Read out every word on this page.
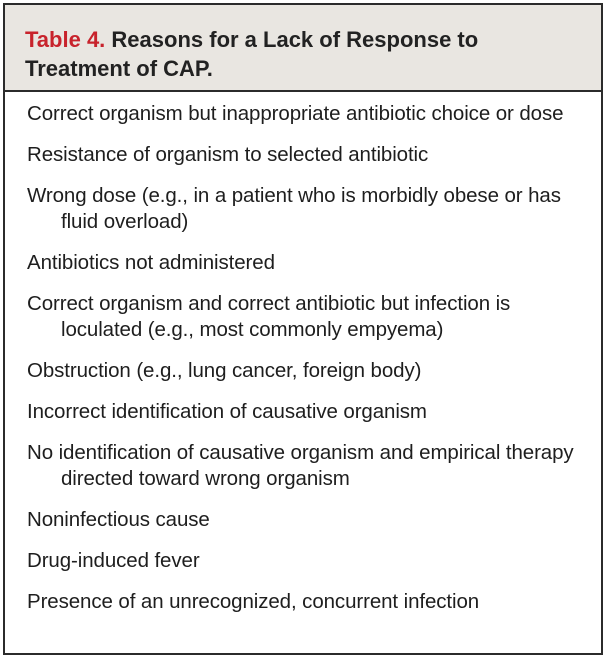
Table 4. Reasons for a Lack of Response to Treatment of CAP.
Correct organism but inappropriate antibiotic choice or dose
Resistance of organism to selected antibiotic
Wrong dose (e.g., in a patient who is morbidly obese or has fluid overload)
Antibiotics not administered
Correct organism and correct antibiotic but infection is loculated (e.g., most commonly empyema)
Obstruction (e.g., lung cancer, foreign body)
Incorrect identification of causative organism
No identification of causative organism and empirical therapy directed toward wrong organism
Noninfectious cause
Drug-induced fever
Presence of an unrecognized, concurrent infection
